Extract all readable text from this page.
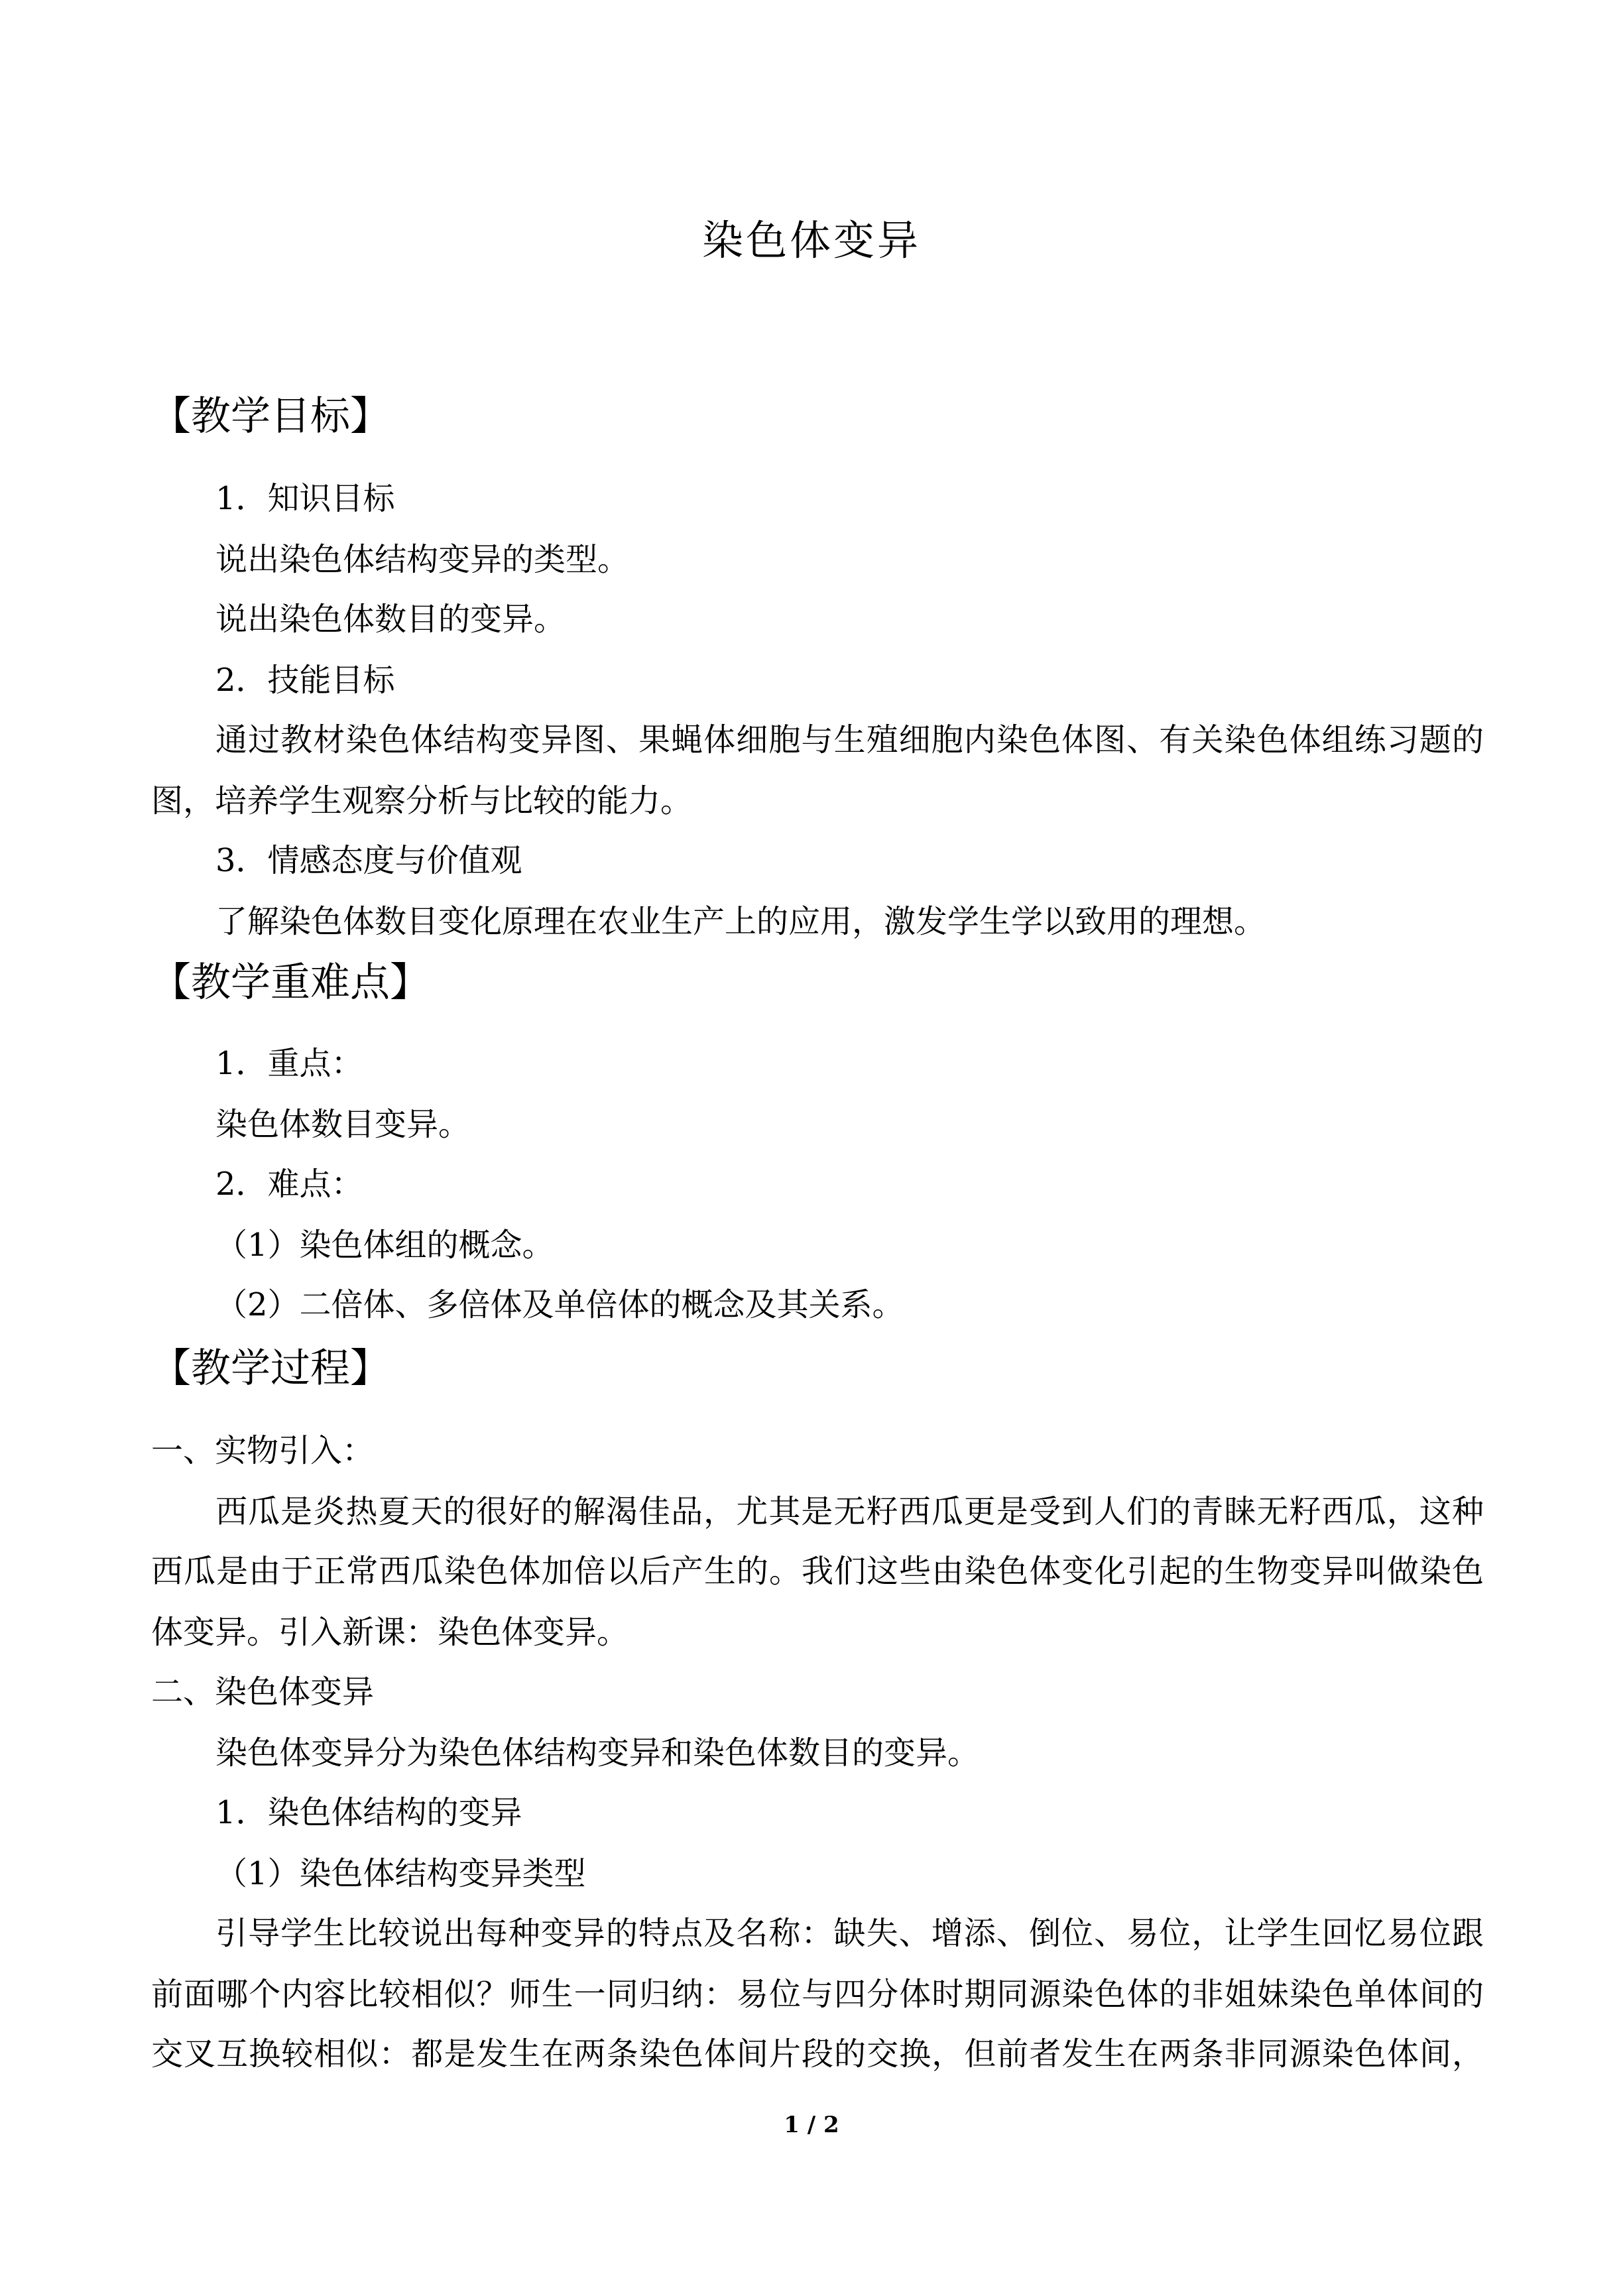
染色体变异
【教学目标】
1．知识目标
说出染色体结构变异的类型。
说出染色体数目的变异。
2．技能目标
通过教材染色体结构变异图、果蝇体细胞与生殖细胞内染色体图、有关染色体组练习题的
图，培养学生观察分析与比较的能力。
3．情感态度与价值观
了解染色体数目变化原理在农业生产上的应用，激发学生学以致用的理想。
【教学重难点】
1．重点：
染色体数目变异。
2．难点：
（1）染色体组的概念。
（2）二倍体、多倍体及单倍体的概念及其关系。
【教学过程】
一、实物引入：
西瓜是炎热夏天的很好的解渴佳品，尤其是无籽西瓜更是受到人们的青睐无籽西瓜，这种
西瓜是由于正常西瓜染色体加倍以后产生的。我们这些由染色体变化引起的生物变异叫做染色
体变异。引入新课：染色体变异。
二、染色体变异
染色体变异分为染色体结构变异和染色体数目的变异。
1．染色体结构的变异
（1）染色体结构变异类型
引导学生比较说出每种变异的特点及名称：缺失、增添、倒位、易位，让学生回忆易位跟
前面哪个内容比较相似？师生一同归纳：易位与四分体时期同源染色体的非姐妹染色单体间的
交叉互换较相似：都是发生在两条染色体间片段的交换，但前者发生在两条非同源染色体间，
1 / 2
